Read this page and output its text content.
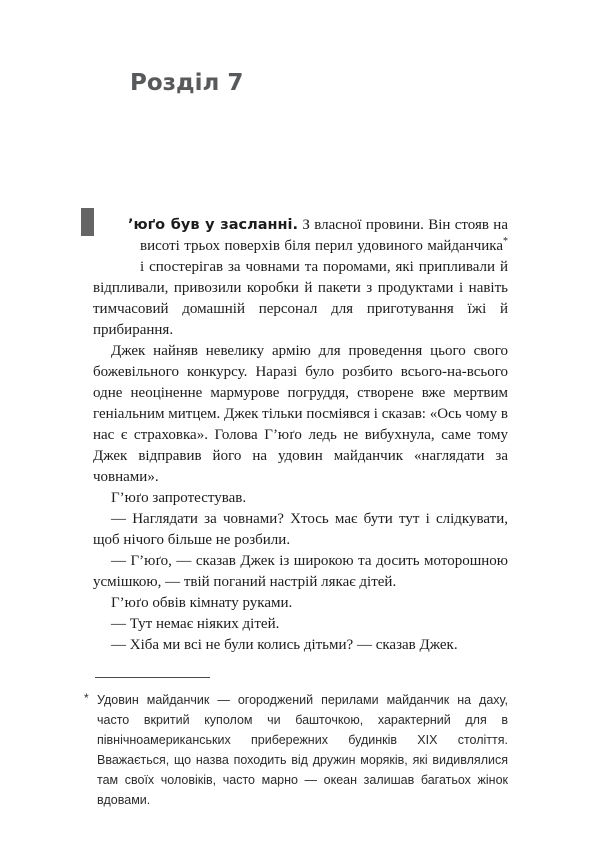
Розділ 7

’юґо був у засланні. З власної провини. Він стояв на висоті трьох поверхів біля перил удовиного майданчика* і спостерігав за човнами та поромами, які припливали й відпливали, привозили коробки й пакети з продуктами і навіть тимчасовий домашній персонал для приготування їжі й прибирання.

Джек найняв невелику армію для проведення цього свого божевільного конкурсу. Наразі було розбито всього-на-всього одне неоціненне мармурове погруддя, створене вже мертвим геніальним митцем. Джек тільки посміявся і сказав: «Ось чому в нас є страховка». Голова Г’юґо ледь не вибухнула, саме тому Джек відправив його на удовин майданчик «наглядати за човнами».

Г’юґо запротестував.

— Наглядати за човнами? Хтось має бути тут і слідкувати, щоб нічого більше не розбили.

— Г’юґо, — сказав Джек із широкою та досить моторошною усмішкою, — твій поганий настрій лякає дітей.

Г’юґо обвів кімнату руками.

— Тут немає ніяких дітей.

— Хіба ми всі не були колись дітьми? — сказав Джек.

* Удовин майданчик — огороджений перилами майданчик на даху, часто вкритий куполом чи башточкою, характерний для в північноамериканських прибережних будинків XIX століття. Вважається, що назва походить від дружин моряків, які видивлялися там своїх чоловіків, часто марно — океан залишав багатьох жінок вдовами.
